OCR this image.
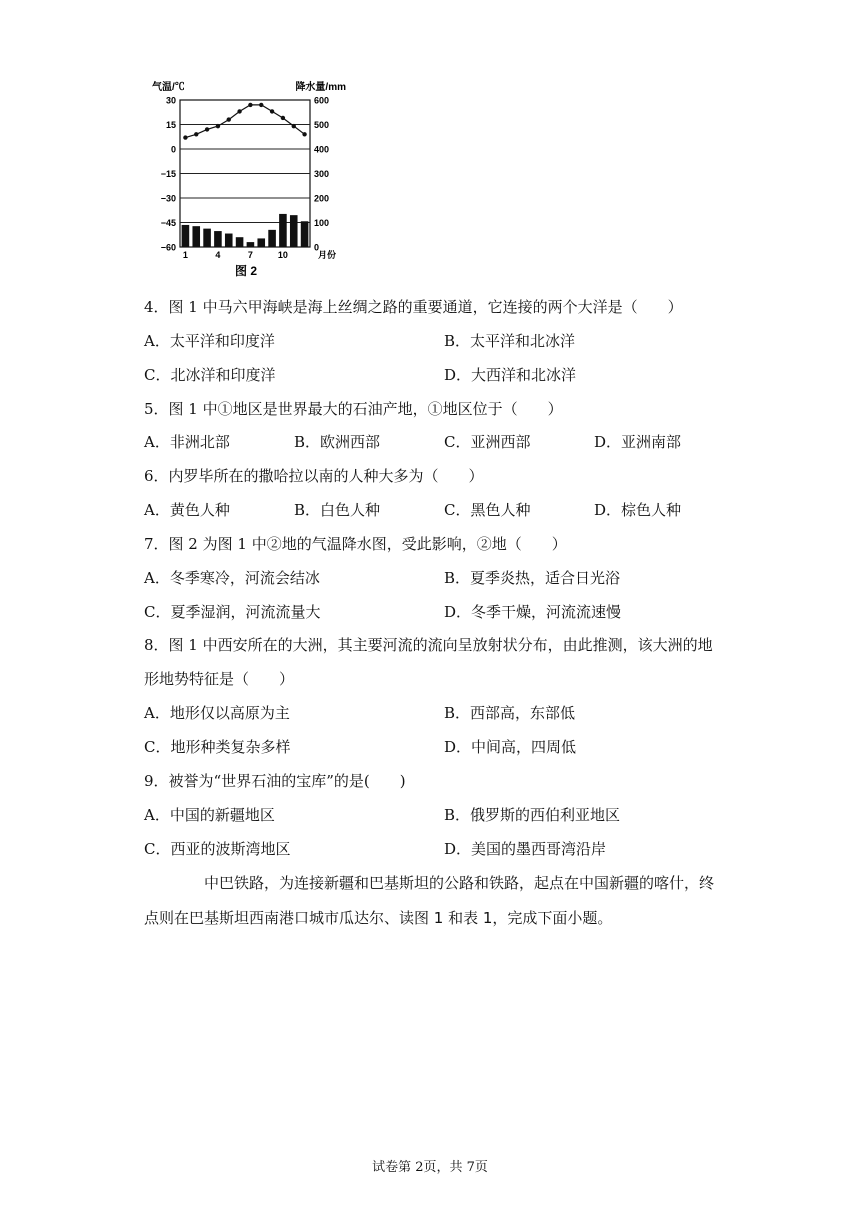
气温/℃	降水量/mm
30	600
15	500
0	400
−15	300
−30	200
−45	100
−60	0
1	4	7	10	月份
图 2
4．图 1 中马六甲海峡是海上丝绸之路的重要通道，它连接的两个大洋是（　　）
A．太平洋和印度洋	B．太平洋和北冰洋
C．北冰洋和印度洋	D．大西洋和北冰洋
5．图 1 中①地区是世界最大的石油产地，①地区位于（　　）
A．非洲北部	B．欧洲西部	C．亚洲西部	D．亚洲南部
6．内罗毕所在的撒哈拉以南的人种大多为（　　）
A．黄色人种	B．白色人种	C．黑色人种	D．棕色人种
7．图 2 为图 1 中②地的气温降水图，受此影响，②地（　　）
A．冬季寒冷，河流会结冰	B．夏季炎热，适合日光浴
C．夏季湿润，河流流量大	D．冬季干燥，河流流速慢
8．图 1 中西安所在的大洲，其主要河流的流向呈放射状分布，由此推测，该大洲的地
形地势特征是（　　）
A．地形仅以高原为主	B．西部高，东部低
C．地形种类复杂多样	D．中间高，四周低
9．被誉为“世界石油的宝库”的是(　　)
A．中国的新疆地区	B．俄罗斯的西伯利亚地区
C．西亚的波斯湾地区	D．美国的墨西哥湾沿岸
中巴铁路，为连接新疆和巴基斯坦的公路和铁路，起点在中国新疆的喀什，终
点则在巴基斯坦西南港口城市瓜达尔、读图 1 和表 1，完成下面小题。
试卷第 2页，共 7页
